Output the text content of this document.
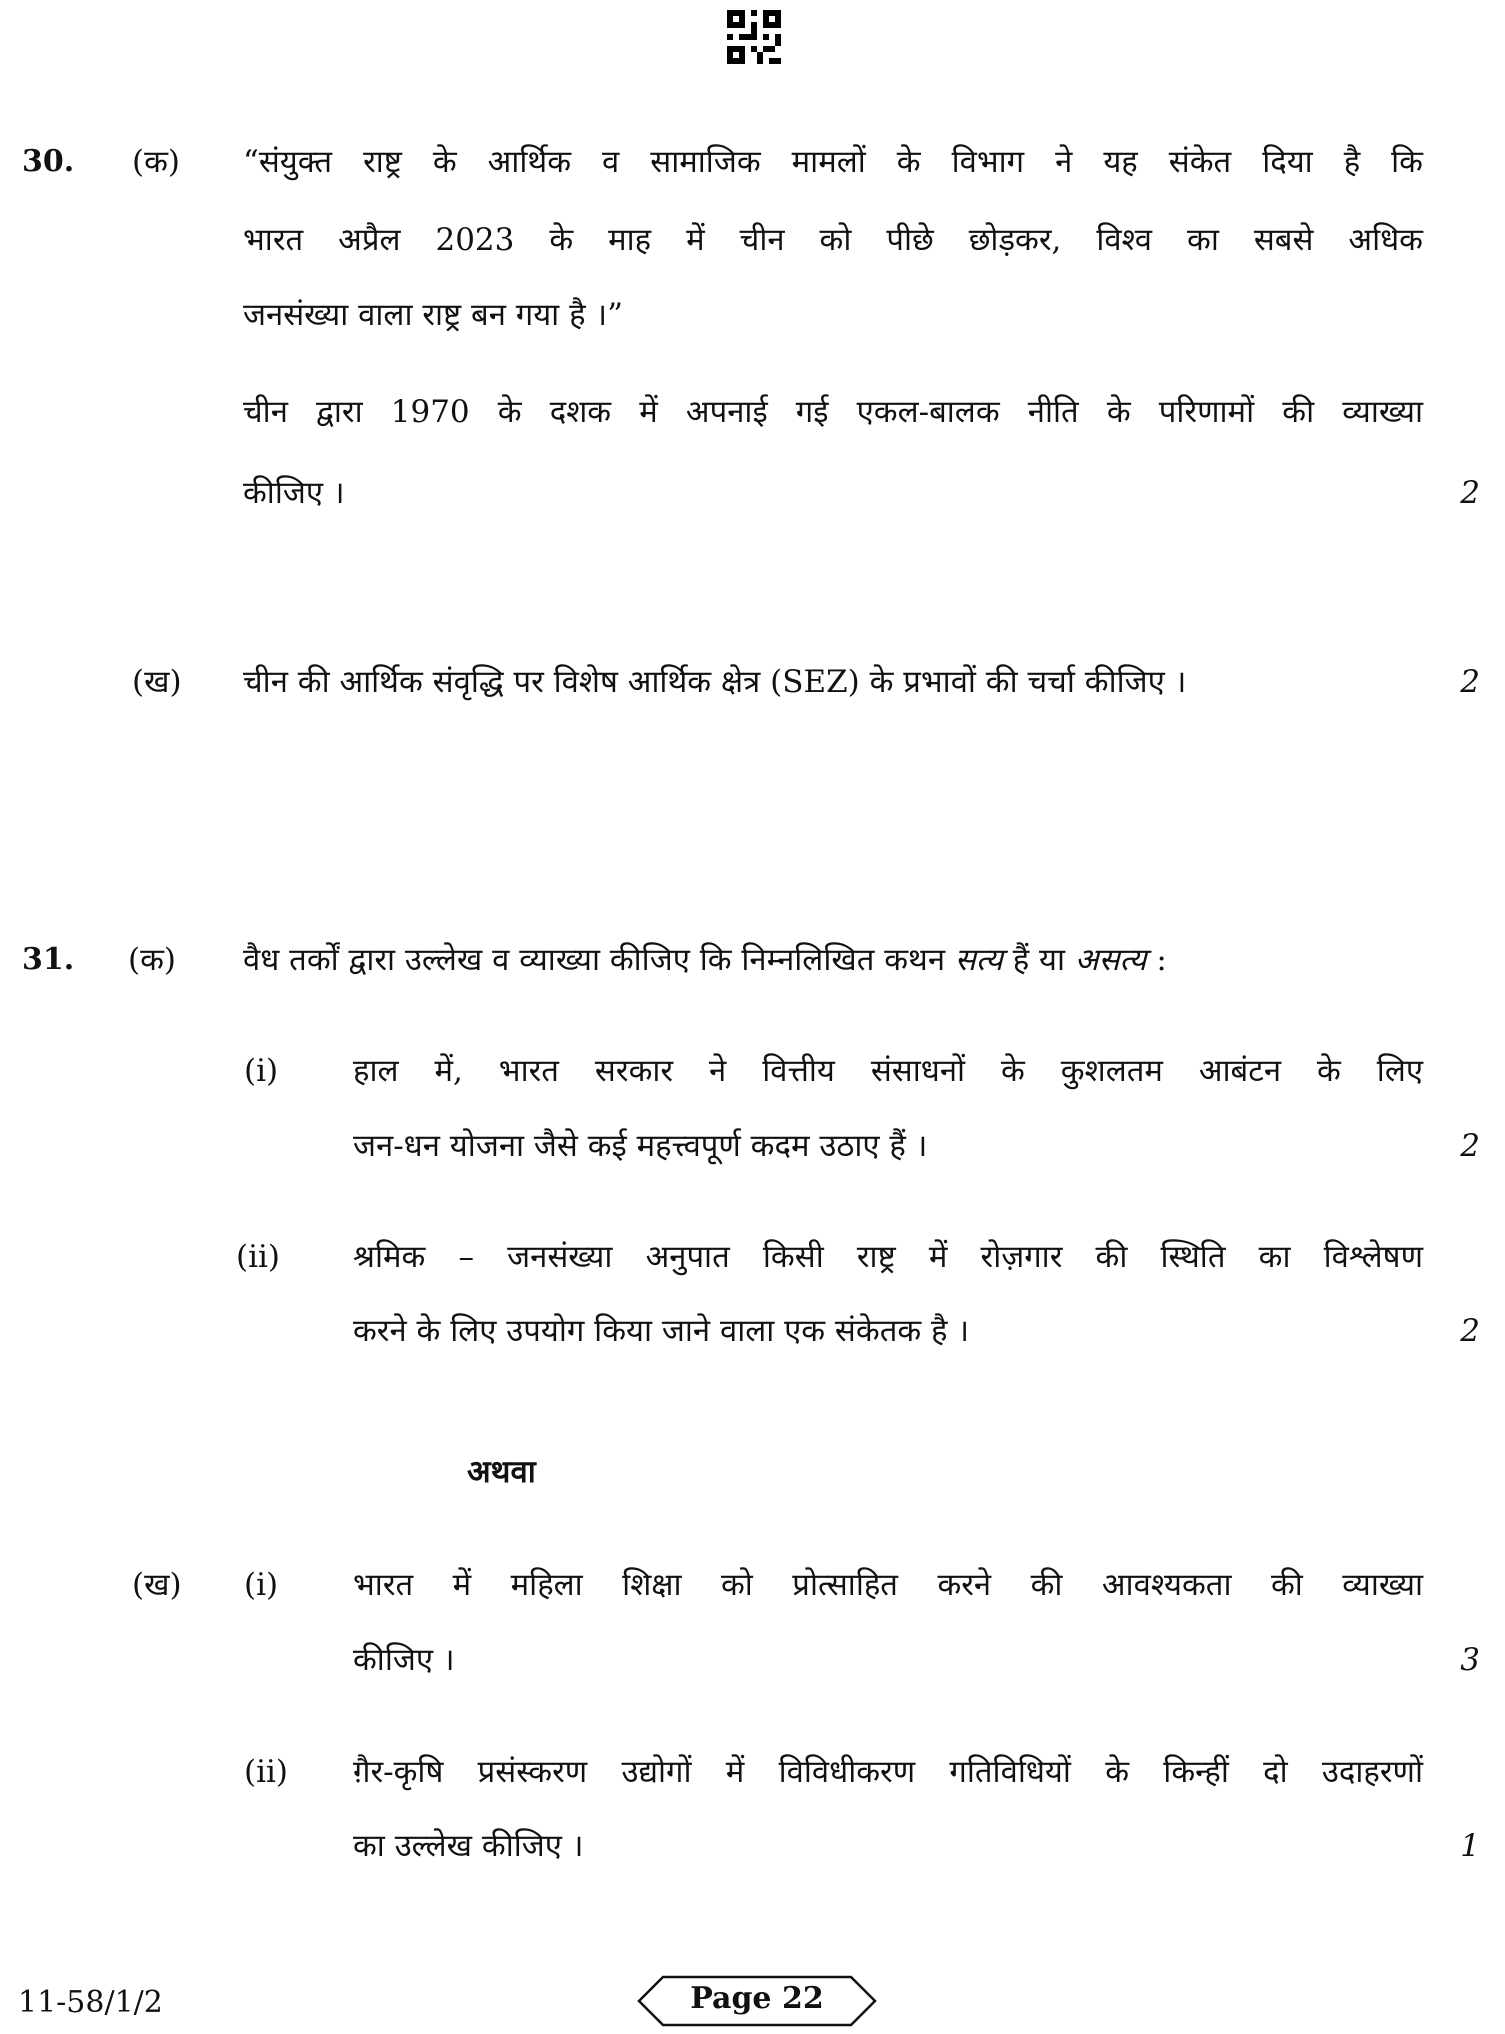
30. (क) “संयुक्त राष्ट्र के आर्थिक व सामाजिक मामलों के विभाग ने यह संकेत दिया है कि
भारत अप्रैल 2023 के माह में चीन को पीछे छोड़कर, विश्व का सबसे अधिक
जनसंख्या वाला राष्ट्र बन गया है ।”
चीन द्वारा 1970 के दशक में अपनाई गई एकल-बालक नीति के परिणामों की व्याख्या
कीजिए ।	2
(ख) चीन की आर्थिक संवृद्धि पर विशेष आर्थिक क्षेत्र (SEZ) के प्रभावों की चर्चा कीजिए ।	2
31. (क) वैध तर्कों द्वारा उल्लेख व व्याख्या कीजिए कि निम्नलिखित कथन सत्य हैं या असत्य :
(i) हाल में, भारत सरकार ने वित्तीय संसाधनों के कुशलतम आबंटन के लिए
जन-धन योजना जैसे कई महत्त्वपूर्ण कदम उठाए हैं ।	2
(ii) श्रमिक – जनसंख्या अनुपात किसी राष्ट्र में रोज़गार की स्थिति का विश्लेषण
करने के लिए उपयोग किया जाने वाला एक संकेतक है ।	2
अथवा
(ख) (i) भारत में महिला शिक्षा को प्रोत्साहित करने की आवश्यकता की व्याख्या
कीजिए ।	3
(ii) ग़ैर-कृषि प्रसंस्करण उद्योगों में विविधीकरण गतिविधियों के किन्हीं दो उदाहरणों
का उल्लेख कीजिए ।	1
11-58/1/2	Page 22
